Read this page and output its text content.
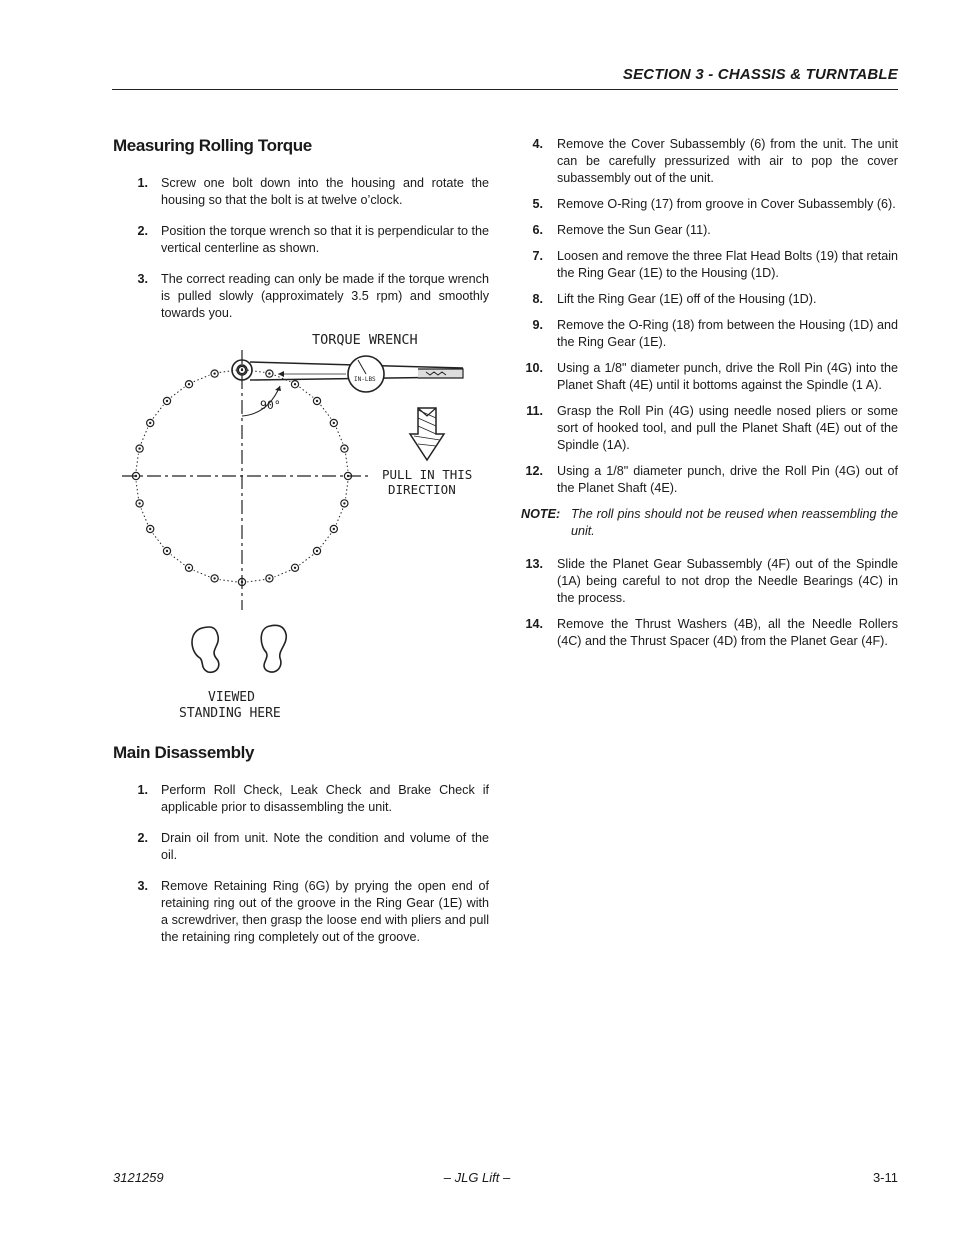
SECTION 3 - CHASSIS & TURNTABLE
Measuring Rolling Torque
1.	Screw one bolt down into the housing and rotate the housing so that the bolt is at twelve o’clock.
2.	Position the torque wrench so that it is perpendicular to the vertical centerline as shown.
3.	The correct reading can only be made if the torque wrench is pulled slowly (approximately 3.5 rpm) and smoothly towards you.
IN-LBS
TORQUE WRENCH
90°
PULL IN THIS
DIRECTION
VIEWED
STANDING HERE
Main Disassembly
1.	Perform Roll Check, Leak Check and Brake Check if applicable prior to disassembling the unit.
2.	Drain oil from unit. Note the condition and volume of the oil.
3.	Remove Retaining Ring (6G) by prying the open end of retaining ring out of the groove in the Ring Gear (1E) with a screwdriver, then grasp the loose end with pliers and pull the retaining ring completely out of the groove.
4.	Remove the Cover Subassembly (6) from the unit. The unit can be carefully pressurized with air to pop the cover subassembly out of the unit.
5.	Remove O-Ring (17) from groove in Cover Subassembly (6).
6.	Remove the Sun Gear (11).
7.	Loosen and remove the three Flat Head Bolts (19) that retain the Ring Gear (1E) to the Housing (1D).
8.	Lift the Ring Gear (1E) off of the Housing (1D).
9.	Remove the O-Ring (18) from between the Housing (1D) and the Ring Gear (1E).
10.	Using a 1/8" diameter punch, drive the Roll Pin (4G) into the Planet Shaft (4E) until it bottoms against the Spindle (1 A).
11.	Grasp the Roll Pin (4G) using needle nosed pliers or some sort of hooked tool, and pull the Planet Shaft (4E) out of the Spindle (1A).
12.	Using a 1/8" diameter punch, drive the Roll Pin (4G) out of the Planet Shaft (4E).
NOTE: The roll pins should not be reused when reassembling the unit.
13.	Slide the Planet Gear Subassembly (4F) out of the Spindle (1A) being careful to not drop the Needle Bearings (4C) in the process.
14.	Remove the Thrust Washers (4B), all the Needle Rollers (4C) and the Thrust Spacer (4D) from the Planet Gear (4F).
3121259	– JLG Lift –	3-11
